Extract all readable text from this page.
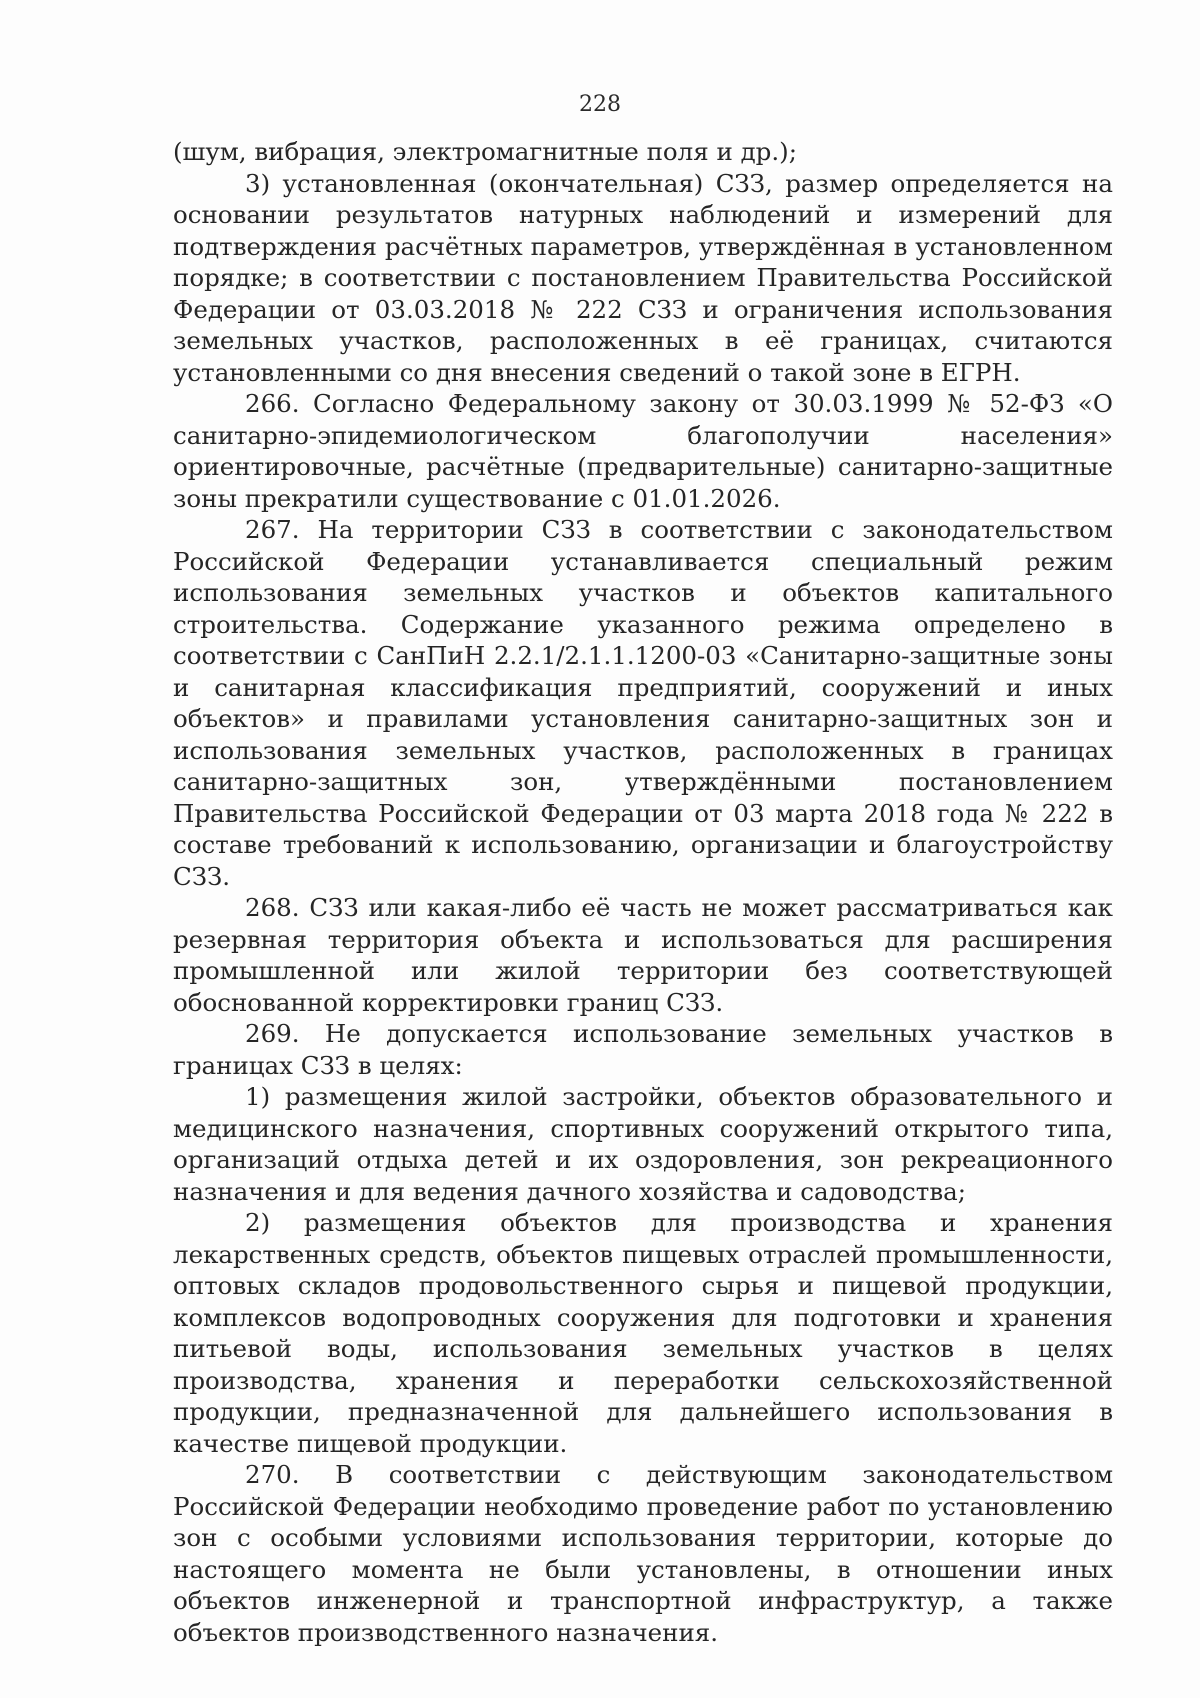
228

(шум, вибрация, электромагнитные поля и др.);

3) установленная (окончательная) СЗЗ, размер определяется на основании результатов натурных наблюдений и измерений для подтверждения расчётных параметров, утверждённая в установленном порядке; в соответствии с постановлением Правительства Российской Федерации от 03.03.2018 № 222 СЗЗ и ограничения использования земельных участков, расположенных в её границах, считаются установленными со дня внесения сведений о такой зоне в ЕГРН.

266. Согласно Федеральному закону от 30.03.1999 № 52-ФЗ «О санитарно-эпидемиологическом благополучии населения» ориентировочные, расчётные (предварительные) санитарно-защитные зоны прекратили существование с 01.01.2026.

267. На территории СЗЗ в соответствии с законодательством Российской Федерации устанавливается специальный режим использования земельных участков и объектов капитального строительства. Содержание указанного режима определено в соответствии с СанПиН 2.2.1/2.1.1.1200-03 «Санитарно-защитные зоны и санитарная классификация предприятий, сооружений и иных объектов» и правилами установления санитарно-защитных зон и использования земельных участков, расположенных в границах санитарно-защитных зон, утверждёнными постановлением Правительства Российской Федерации от 03 марта 2018 года № 222 в составе требований к использованию, организации и благоустройству СЗЗ.

268. СЗЗ или какая-либо её часть не может рассматриваться как резервная территория объекта и использоваться для расширения промышленной или жилой территории без соответствующей обоснованной корректировки границ СЗЗ.

269. Не допускается использование земельных участков в границах СЗЗ в целях:

1) размещения жилой застройки, объектов образовательного и медицинского назначения, спортивных сооружений открытого типа, организаций отдыха детей и их оздоровления, зон рекреационного назначения и для ведения дачного хозяйства и садоводства;

2) размещения объектов для производства и хранения лекарственных средств, объектов пищевых отраслей промышленности, оптовых складов продовольственного сырья и пищевой продукции, комплексов водопроводных сооружения для подготовки и хранения питьевой воды, использования земельных участков в целях производства, хранения и переработки сельскохозяйственной продукции, предназначенной для дальнейшего использования в качестве пищевой продукции.

270. В соответствии с действующим законодательством Российской Федерации необходимо проведение работ по установлению зон с особыми условиями использования территории, которые до настоящего момента не были установлены, в отношении иных объектов инженерной и транспортной инфраструктур, а также объектов производственного назначения.
